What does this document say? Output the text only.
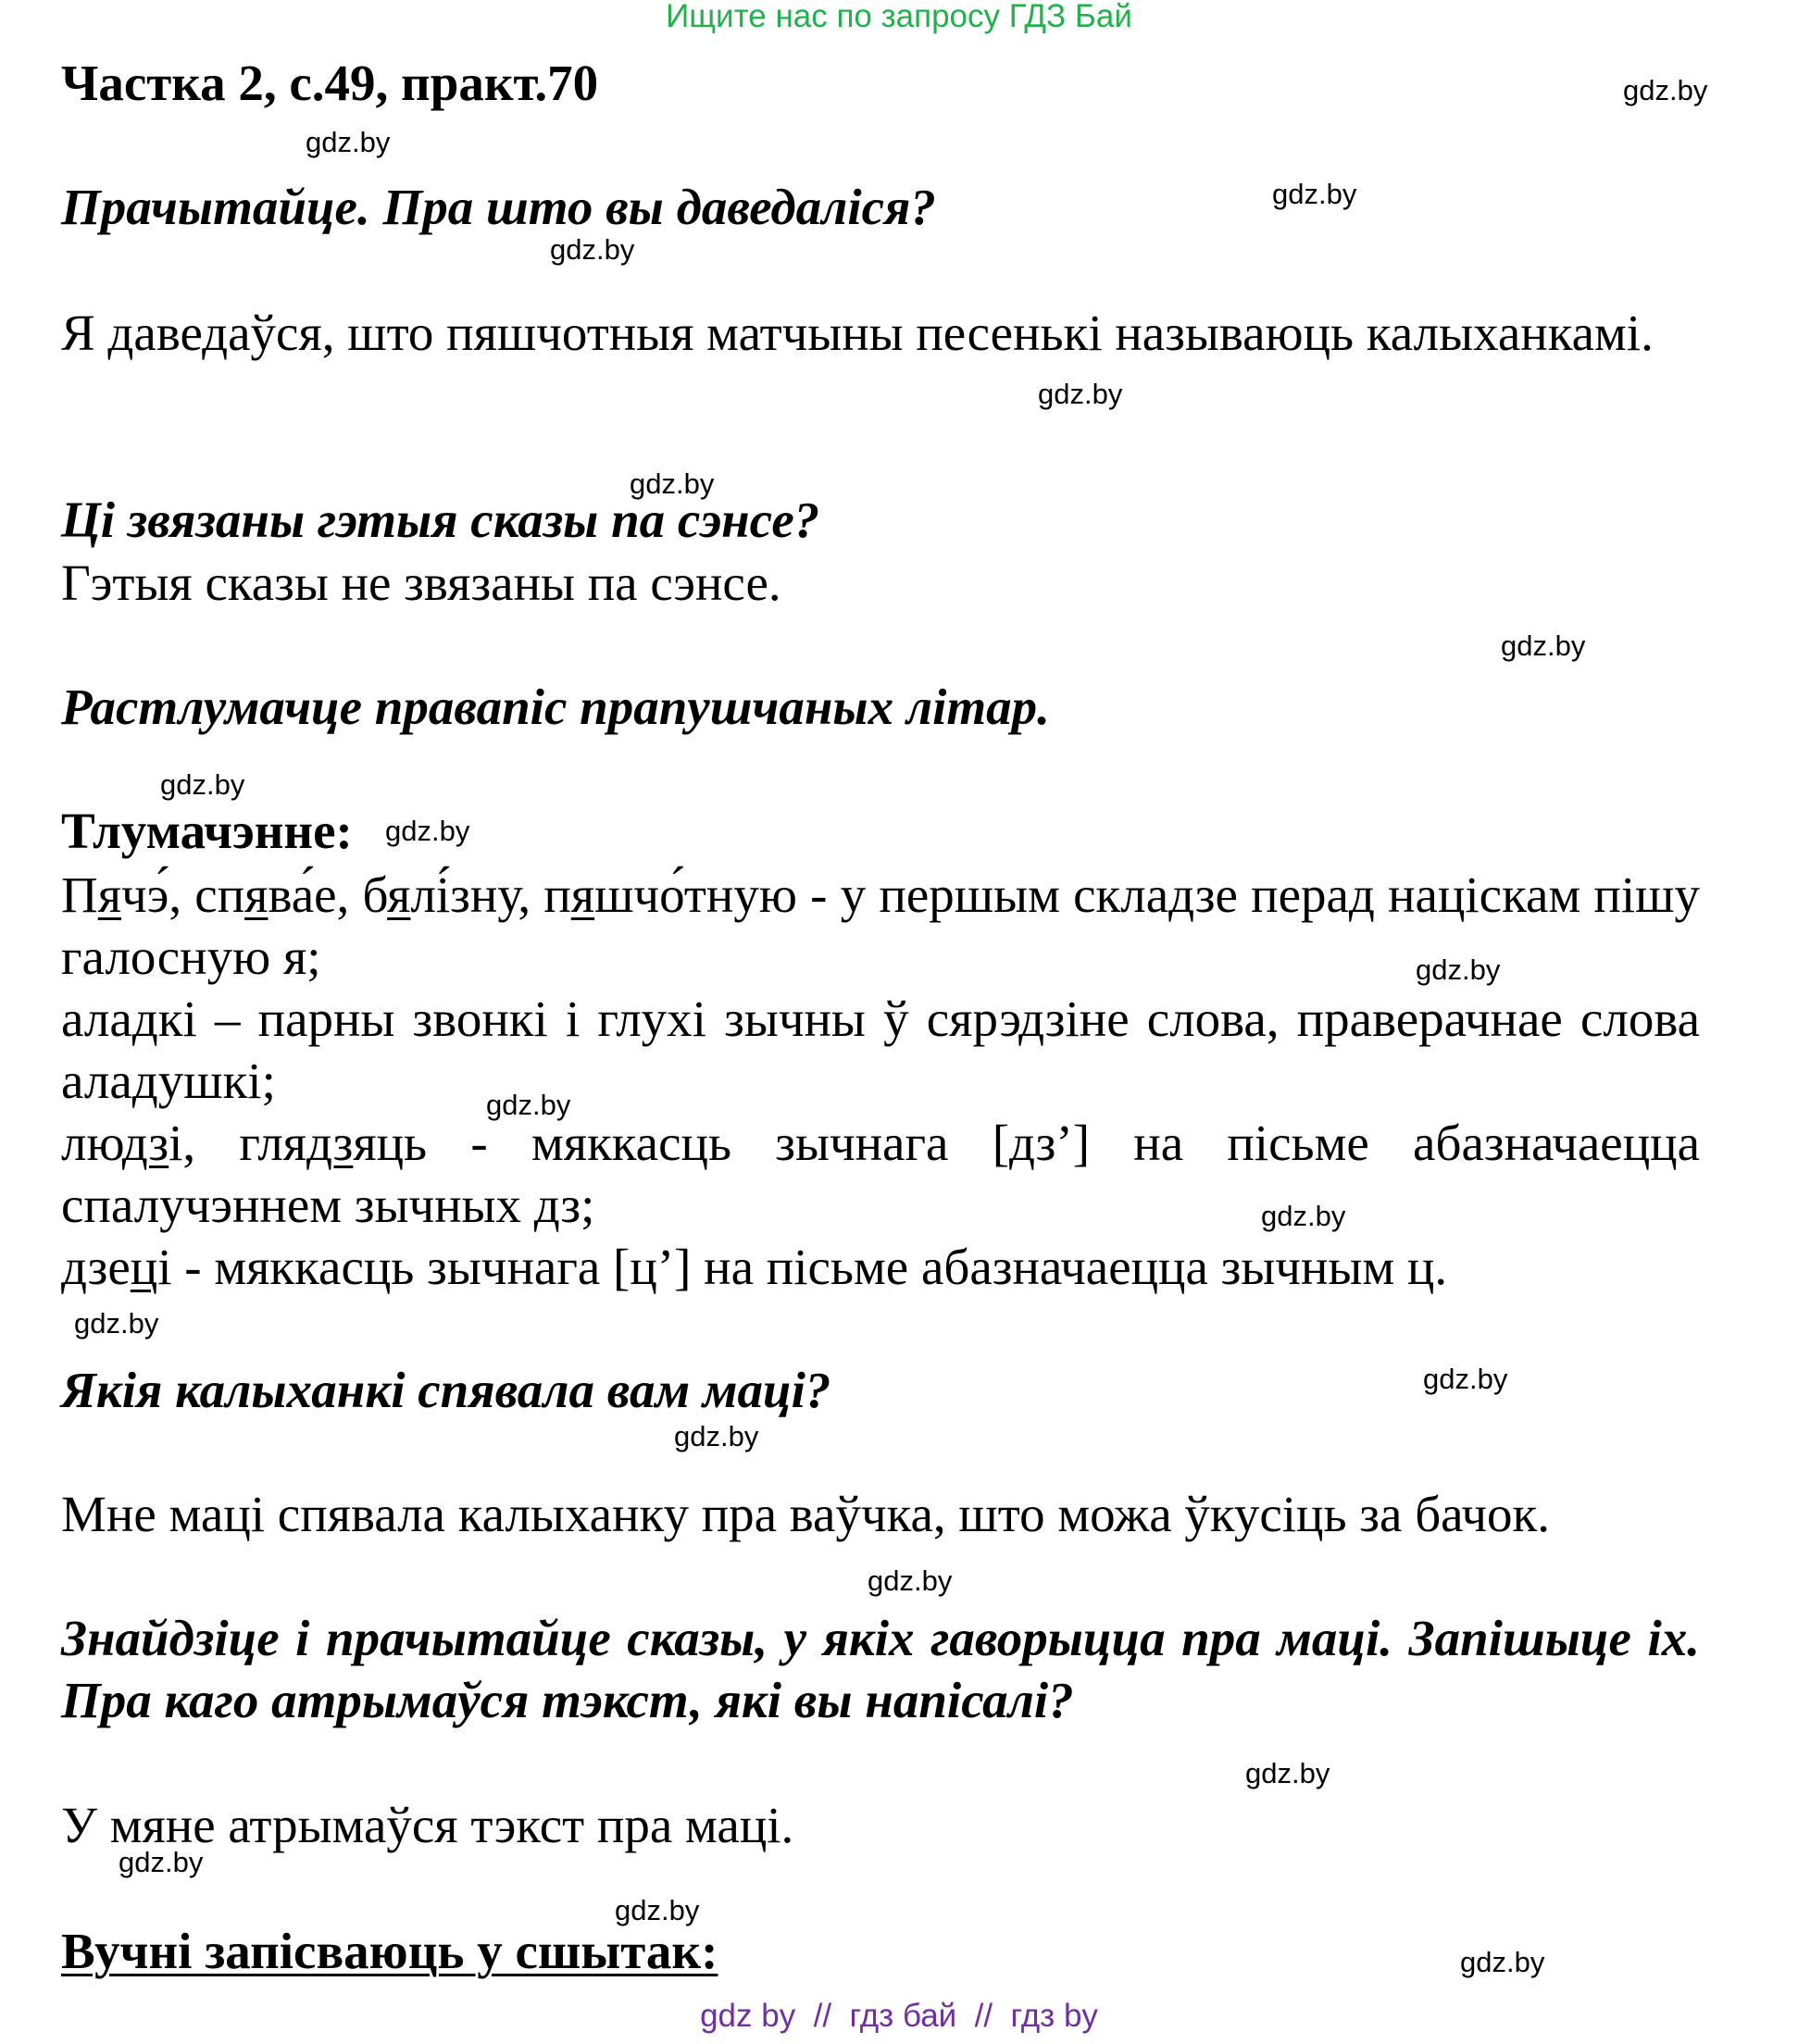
Ищите нас по запросу ГДЗ Бай
Частка 2, с.49, практ.70
Прачытайце. Пра што вы даведаліся?
Я даведаўся, што пяшчотныя матчыны песенькі называюць калыханкамі.
Ці звязаны гэтыя сказы па сэнсе?
Гэтыя сказы не звязаны па сэнсе.
Растлумачце правапіс прапушчаных літар.
Тлумачэнне:
Пячэ́, спява́е, бялі́зну, пяшчо́тную - у першым складзе перад націскам пішу галосную я;
аладкі – парны звонкі і глухі зычны ў сярэдзіне слова, праверачнае слова аладушкі;
людзі, глядзяць - мяккасць зычнага [дз’] на пісьме абазначаецца спалучэннем зычных дз;
дзеці - мяккасць зычнага [ц’] на пісьме абазначаецца зычным ц.
Якія калыханкі спявала вам маці?
Мне маці спявала калыханку пра ваўчка, што можа ўкусіць за бачок.
Знайдзіце і прачытайце сказы, у якіх гаворыцца пра маці. Запішыце іх. Пра каго атрымаўся тэкст, які вы напісалі?
У мяне атрымаўся тэкст пра маці.
Вучні запісваюць у сшытак:
gdz.by
gdz.by
gdz.by
gdz.by
gdz.by
gdz.by
gdz.by
gdz.by
gdz.by
gdz.by
gdz.by
gdz.by
gdz.by
gdz.by
gdz.by
gdz.by
gdz.by
gdz.by
gdz.by
gdz.by
gdz by  //  гдз бай  //  гдз by
